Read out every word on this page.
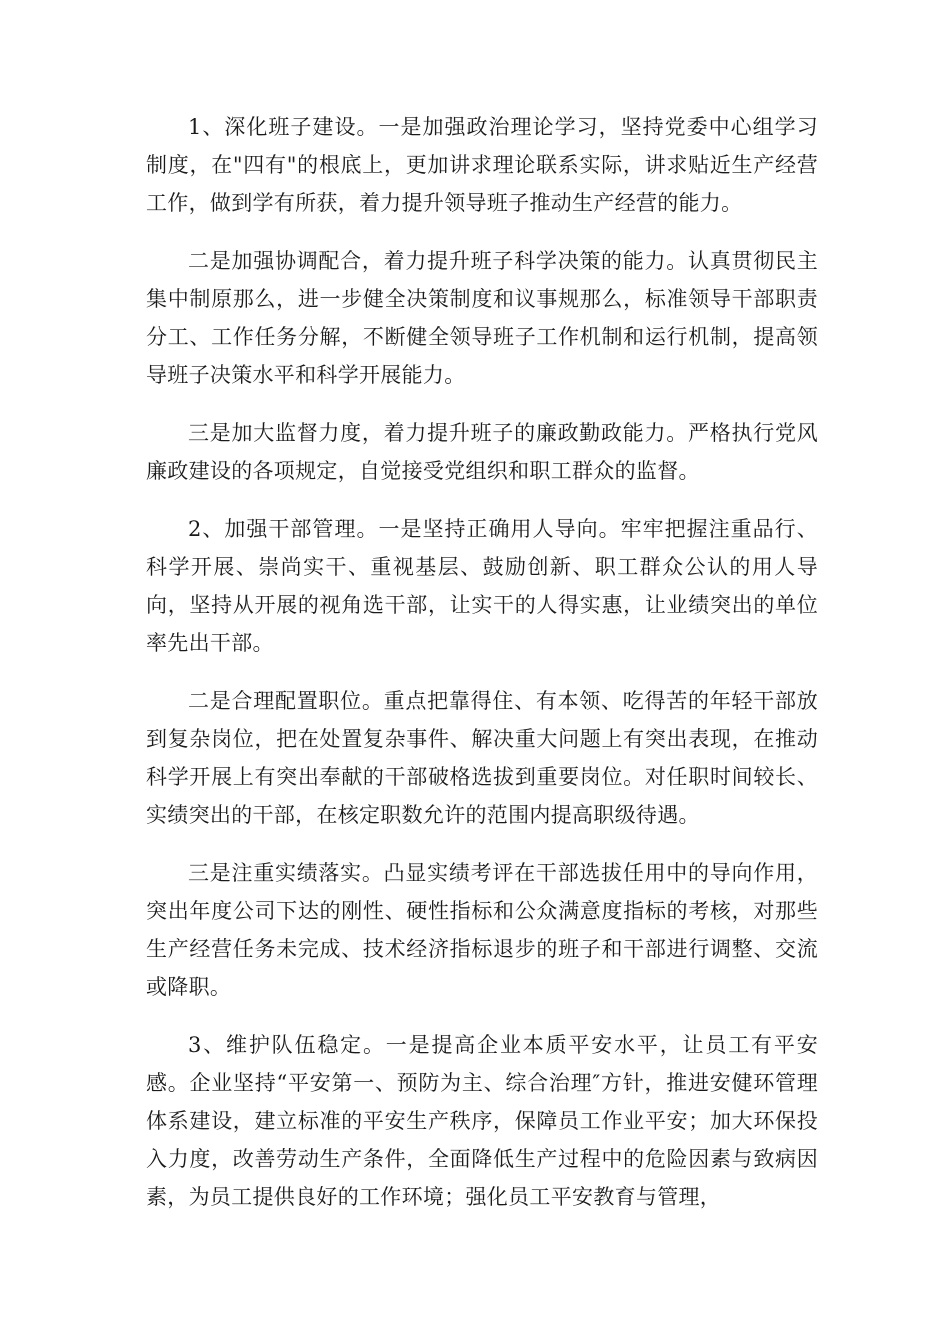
1、深化班子建设。一是加强政治理论学习，坚持党委中心组学习制度，在"四有"的根底上，更加讲求理论联系实际，讲求贴近生产经营工作，做到学有所获，着力提升领导班子推动生产经营的能力。

二是加强协调配合，着力提升班子科学决策的能力。认真贯彻民主集中制原那么，进一步健全决策制度和议事规那么，标准领导干部职责分工、工作任务分解，不断健全领导班子工作机制和运行机制，提高领导班子决策水平和科学开展能力。

三是加大监督力度，着力提升班子的廉政勤政能力。严格执行党风廉政建设的各项规定，自觉接受党组织和职工群众的监督。

2、加强干部管理。一是坚持正确用人导向。牢牢把握注重品行、科学开展、崇尚实干、重视基层、鼓励创新、职工群众公认的用人导向，坚持从开展的视角选干部，让实干的人得实惠，让业绩突出的单位率先出干部。

二是合理配置职位。重点把靠得住、有本领、吃得苦的年轻干部放到复杂岗位，把在处置复杂事件、解决重大问题上有突出表现，在推动科学开展上有突出奉献的干部破格选拔到重要岗位。对任职时间较长、实绩突出的干部，在核定职数允许的范围内提高职级待遇。

三是注重实绩落实。凸显实绩考评在干部选拔任用中的导向作用，突出年度公司下达的刚性、硬性指标和公众满意度指标的考核，对那些生产经营任务未完成、技术经济指标退步的班子和干部进行调整、交流或降职。

3、维护队伍稳定。一是提高企业本质平安水平，让员工有平安感。企业坚持“平安第一、预防为主、综合治理″方针，推进安健环管理体系建设，建立标准的平安生产秩序，保障员工作业平安；加大环保投入力度，改善劳动生产条件，全面降低生产过程中的危险因素与致病因素，为员工提供良好的工作环境；强化员工平安教育与管理，
